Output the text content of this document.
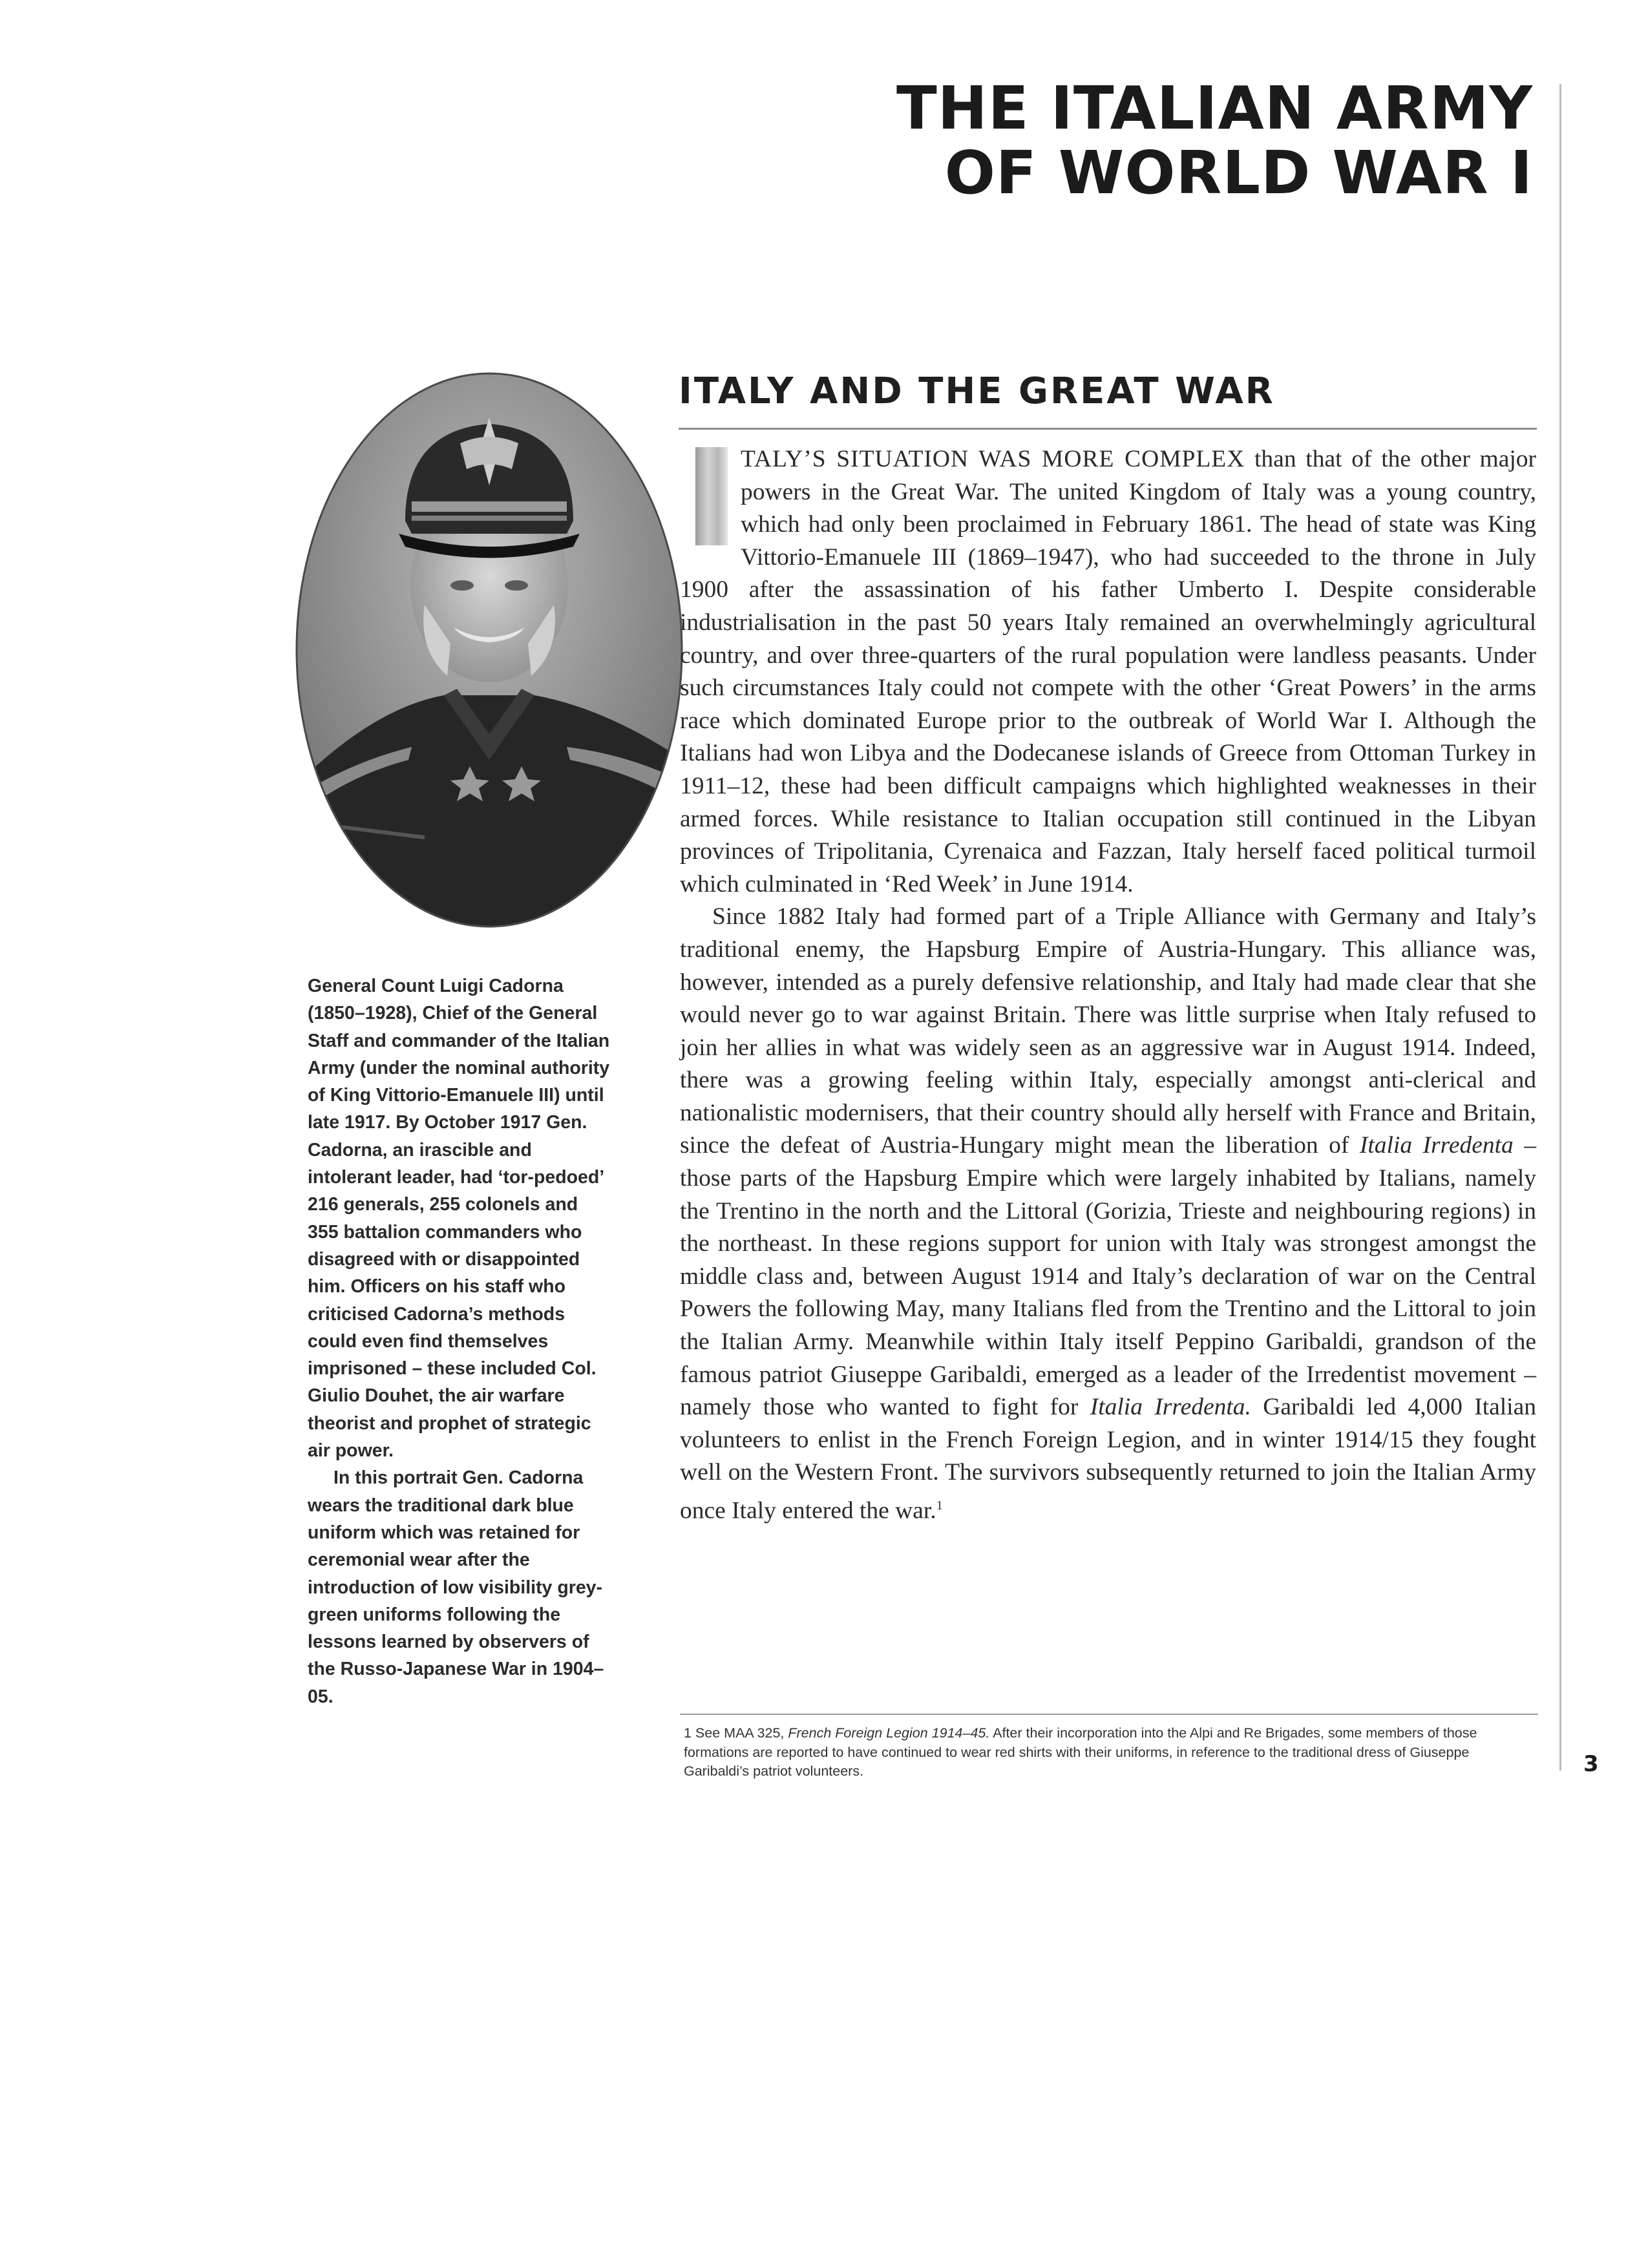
THE ITALIAN ARMY
OF WORLD WAR I
ITALY AND THE GREAT WAR

General Count Luigi Cadorna (1850–1928), Chief of the General Staff and commander of the Italian Army (under the nominal authority of King Vittorio-Emanuele III) until late 1917. By October 1917 Gen. Cadorna, an irascible and intolerant leader, had ‘tor-pedoed’ 216 generals, 255 colonels and 355 battalion commanders who disagreed with or disappointed him. Officers on his staff who criticised Cadorna’s methods could even find themselves imprisoned – these included Col. Giulio Douhet, the air warfare theorist and prophet of strategic air power.

In this portrait Gen. Cadorna wears the traditional dark blue uniform which was retained for ceremonial wear after the introduction of low visibility grey-green uniforms following the lessons learned by observers of the Russo-Japanese War in 1904–05.

TALY’S SITUATION WAS MORE COMPLEX than that of the other major powers in the Great War. The united Kingdom of Italy was a young country, which had only been proclaimed in February 1861. The head of state was King Vittorio-Emanuele III (1869–1947), who had succeeded to the throne in July 1900 after the assassination of his father Umberto I. Despite considerable industrialisation in the past 50 years Italy remained an overwhelmingly agricultural country, and over three-quarters of the rural population were landless peasants. Under such circumstances Italy could not compete with the other ‘Great Powers’ in the arms race which dominated Europe prior to the outbreak of World War I. Although the Italians had won Libya and the Dodecanese islands of Greece from Ottoman Turkey in 1911–12, these had been difficult campaigns which highlighted weaknesses in their armed forces. While resistance to Italian occupation still continued in the Libyan provinces of Tripolitania, Cyrenaica and Fazzan, Italy herself faced political turmoil which culminated in ‘Red Week’ in June 1914.

Since 1882 Italy had formed part of a Triple Alliance with Germany and Italy’s traditional enemy, the Hapsburg Empire of Austria-Hungary. This alliance was, however, intended as a purely defensive relationship, and Italy had made clear that she would never go to war against Britain. There was little surprise when Italy refused to join her allies in what was widely seen as an aggressive war in August 1914. Indeed, there was a growing feeling within Italy, especially amongst anti-clerical and nationalistic modernisers, that their country should ally herself with France and Britain, since the defeat of Austria-Hungary might mean the liberation of Italia Irredenta – those parts of the Hapsburg Empire which were largely inhabited by Italians, namely the Trentino in the north and the Littoral (Gorizia, Trieste and neighbouring regions) in the northeast. In these regions support for union with Italy was strongest amongst the middle class and, between August 1914 and Italy’s declaration of war on the Central Powers the following May, many Italians fled from the Trentino and the Littoral to join the Italian Army. Meanwhile within Italy itself Peppino Garibaldi, grandson of the famous patriot Giuseppe Garibaldi, emerged as a leader of the Irredentist movement – namely those who wanted to fight for Italia Irredenta. Garibaldi led 4,000 Italian volunteers to enlist in the French Foreign Legion, and in winter 1914/15 they fought well on the Western Front. The survivors subsequently returned to join the Italian Army once Italy entered the war.$^1$

1 See MAA 325, French Foreign Legion 1914–45. After their incorporation into the Alpi and Re Brigades, some members of those formations are reported to have continued to wear red shirts with their uniforms, in reference to the traditional dress of Giuseppe Garibaldi’s patriot volunteers.	3
